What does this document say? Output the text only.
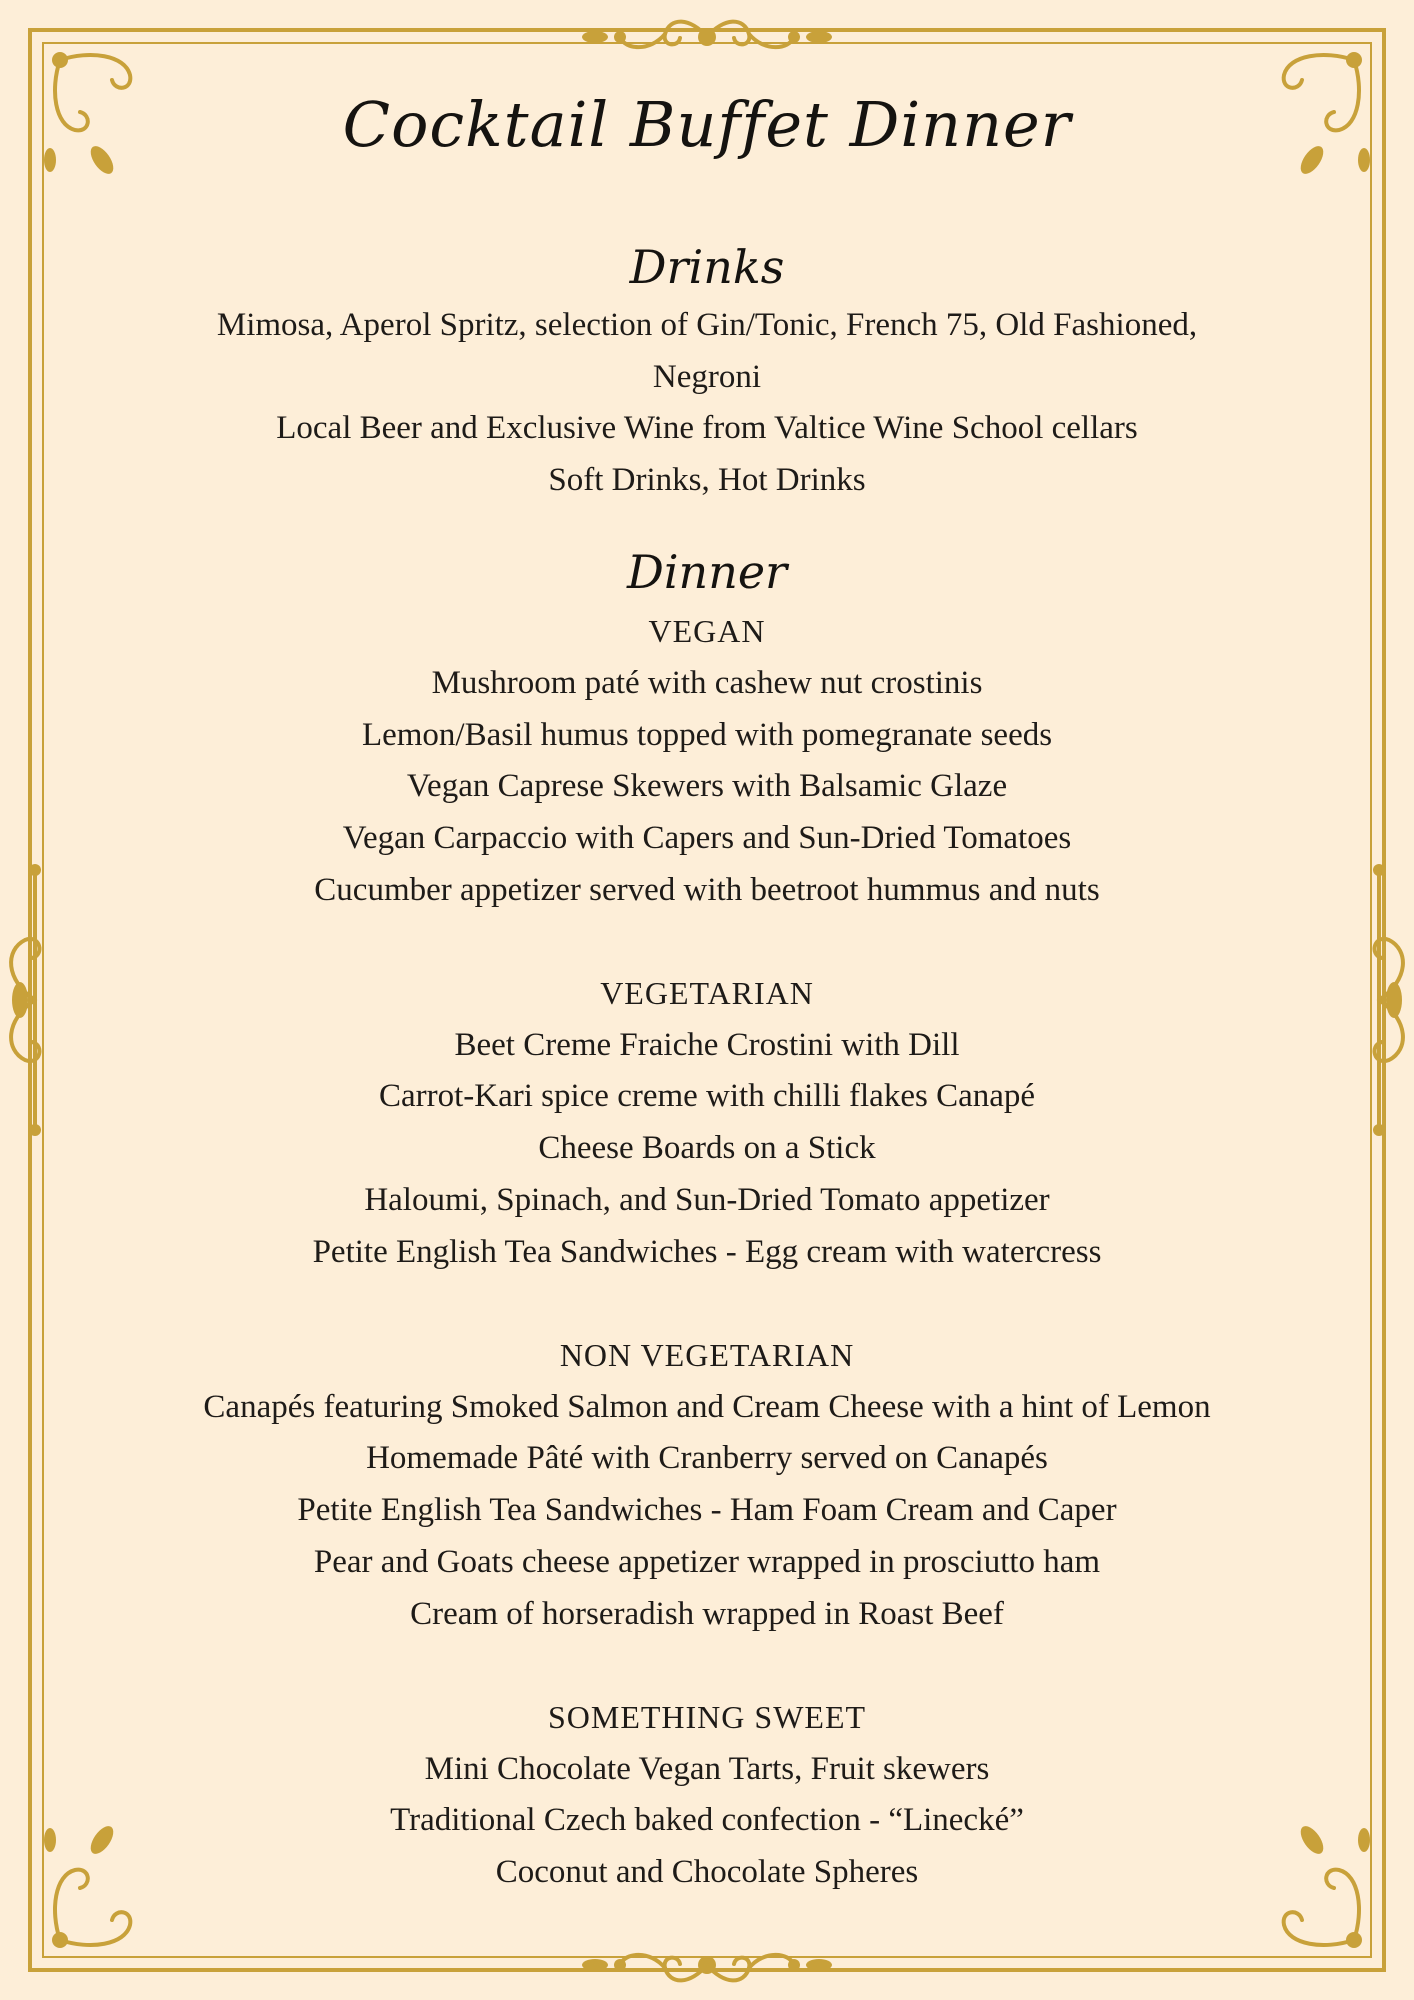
Cocktail Buffet Dinner
Drinks
Mimosa, Aperol Spritz, selection of Gin/Tonic, French 75, Old Fashioned,
Negroni
Local Beer and Exclusive Wine from Valtice Wine School cellars
Soft Drinks, Hot Drinks
Dinner
VEGAN
Mushroom paté with cashew nut crostinis
Lemon/Basil humus topped with pomegranate seeds
Vegan Caprese Skewers with Balsamic Glaze
Vegan Carpaccio with Capers and Sun-Dried Tomatoes
Cucumber appetizer served with beetroot hummus and nuts
VEGETARIAN
Beet Creme Fraiche Crostini with Dill
Carrot-Kari spice creme with chilli flakes Canapé
Cheese Boards on a Stick
Haloumi, Spinach, and Sun-Dried Tomato appetizer
Petite English Tea Sandwiches - Egg cream with watercress
NON VEGETARIAN
Canapés featuring Smoked Salmon and Cream Cheese with a hint of Lemon
Homemade Pâté with Cranberry served on Canapés
Petite English Tea Sandwiches - Ham Foam Cream and Caper
Pear and Goats cheese appetizer wrapped in prosciutto ham
Cream of horseradish wrapped in Roast Beef
SOMETHING SWEET
Mini Chocolate Vegan Tarts, Fruit skewers
Traditional Czech baked confection - “Linecké”
Coconut and Chocolate Spheres
